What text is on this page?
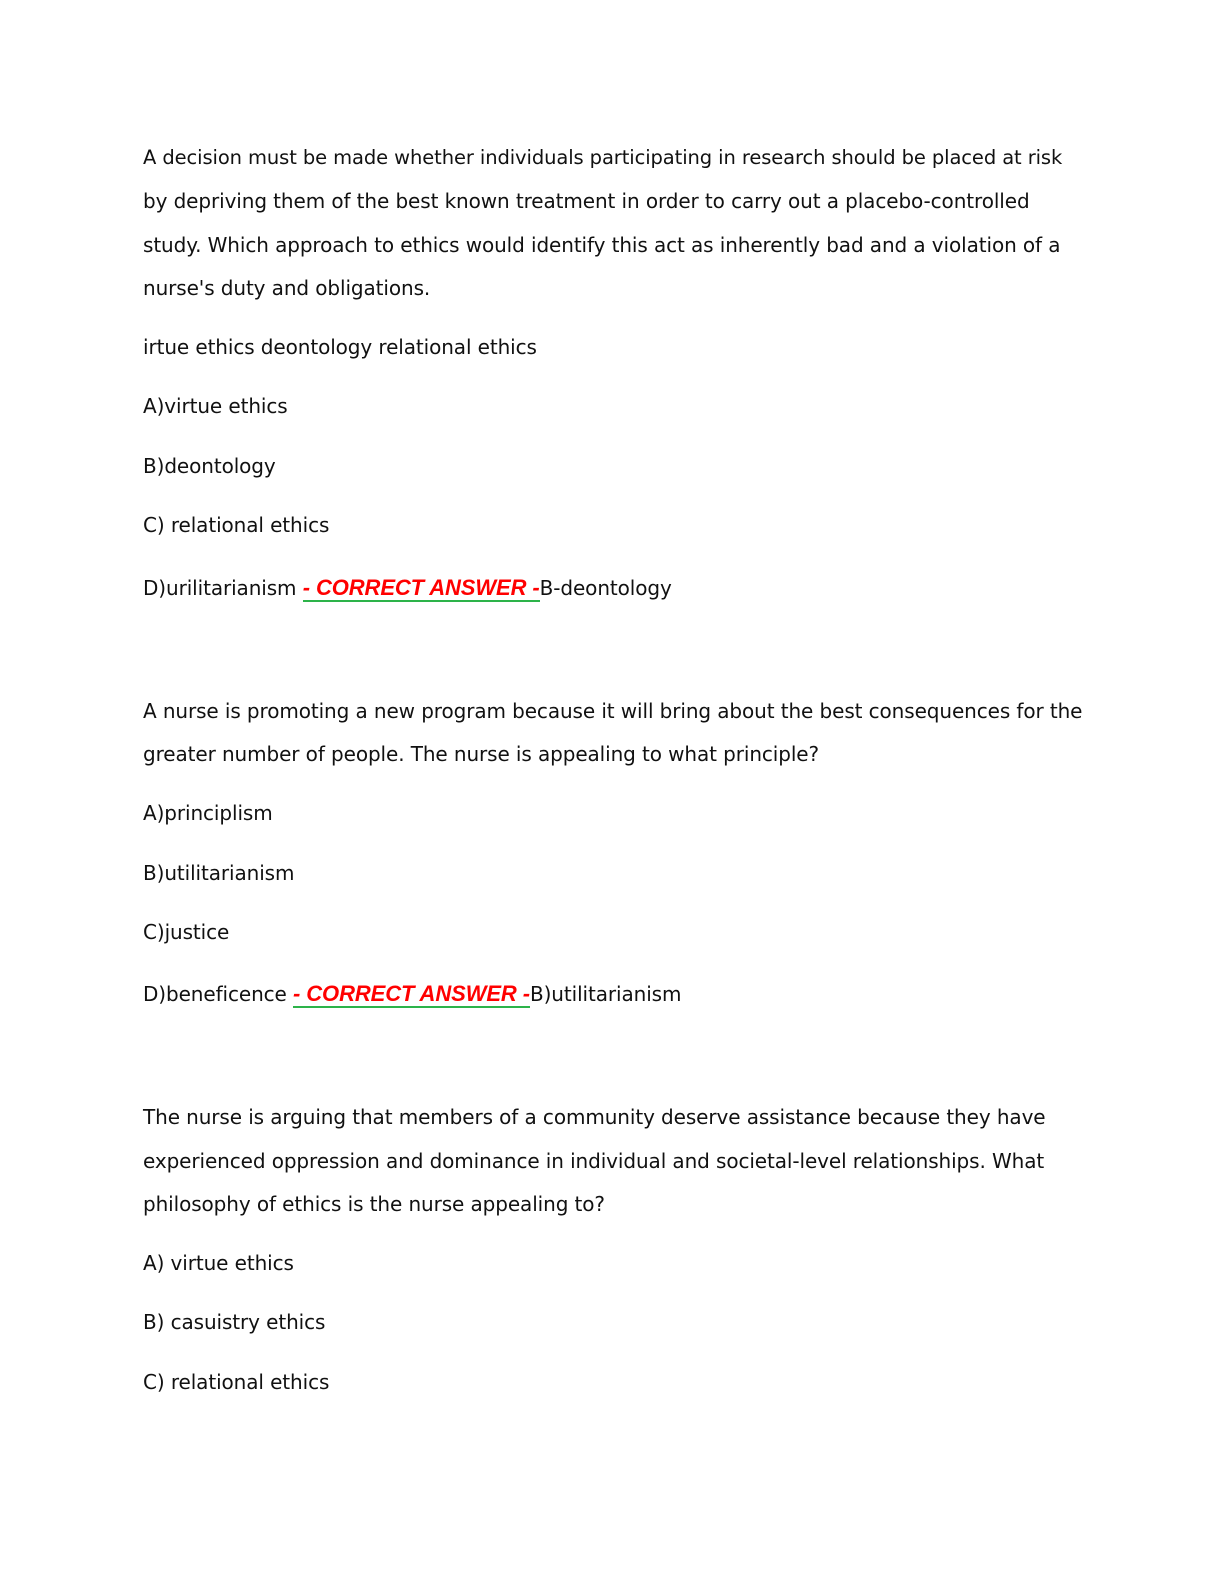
A decision must be made whether individuals participating in research should be placed at risk
by depriving them of the best known treatment in order to carry out a placebo-controlled
study. Which approach to ethics would identify this act as inherently bad and a violation of a
nurse's duty and obligations.
irtue ethics deontology relational ethics
A)virtue ethics
B)deontology
C) relational ethics
D)urilitarianism - CORRECT ANSWER -B-deontology
A nurse is promoting a new program because it will bring about the best consequences for the
greater number of people. The nurse is appealing to what principle?
A)principlism
B)utilitarianism
C)justice
D)beneficence - CORRECT ANSWER -B)utilitarianism
The nurse is arguing that members of a community deserve assistance because they have
experienced oppression and dominance in individual and societal-level relationships. What
philosophy of ethics is the nurse appealing to?
A) virtue ethics
B) casuistry ethics
C) relational ethics
